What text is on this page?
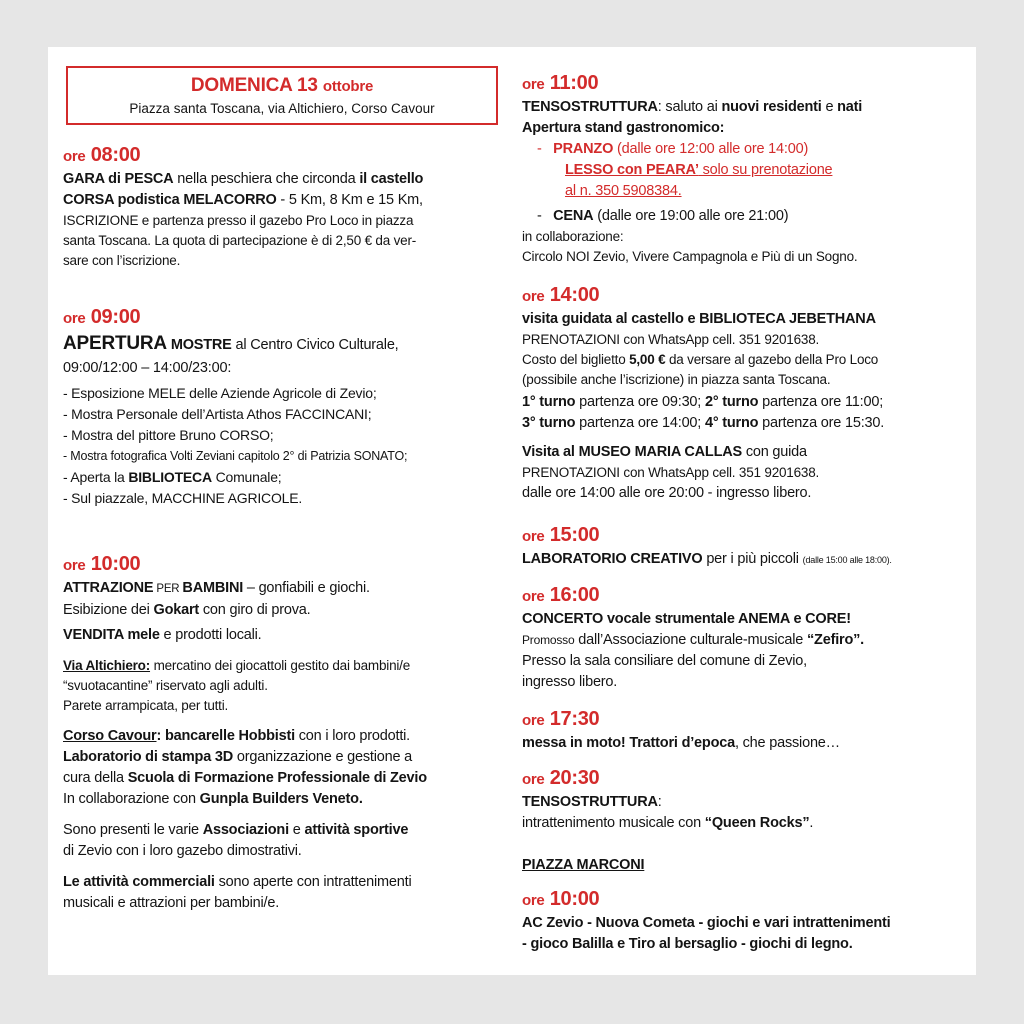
DOMENICA 13 ottobre
Piazza santa Toscana, via Altichiero, Corso Cavour
ore 08:00
GARA di PESCA nella peschiera che circonda il castello
CORSA podistica MELACORRO - 5 Km, 8 Km e 15 Km,
ISCRIZIONE e partenza presso il gazebo Pro Loco in piazza
santa Toscana. La quota di partecipazione è di 2,50 € da ver-
sare con l’iscrizione.
ore 09:00
APERTURA MOSTRE al Centro Civico Culturale,
09:00/12:00 – 14:00/23:00:
- Esposizione MELE delle Aziende Agricole di Zevio;
- Mostra Personale dell’Artista Athos FACCINCANI;
- Mostra del pittore Bruno CORSO;
- Mostra fotografica Volti Zeviani capitolo 2° di Patrizia SONATO;
- Aperta la BIBLIOTECA Comunale;
- Sul piazzale, MACCHINE AGRICOLE.
ore 10:00
ATTRAZIONE PER BAMBINI – gonfiabili e giochi.
Esibizione dei Gokart con giro di prova.
VENDITA mele e prodotti locali.
Via Altichiero: mercatino dei giocattoli gestito dai bambini/e
“svuotacantine” riservato agli adulti.
Parete arrampicata, per tutti.
Corso Cavour: bancarelle Hobbisti con i loro prodotti.
Laboratorio di stampa 3D organizzazione e gestione a
cura della Scuola di Formazione Professionale di Zevio
In collaborazione con Gunpla Builders Veneto.
Sono presenti le varie Associazioni e attività sportive
di Zevio con i loro gazebo dimostrativi.
Le attività commerciali sono aperte con intrattenimenti
musicali e attrazioni per bambini/e.
ore 11:00
TENSOSTRUTTURA: saluto ai nuovi residenti e nati
Apertura stand gastronomico:
-   PRANZO (dalle ore 12:00 alle ore 14:00)
LESSO con PEARA’ solo su prenotazione
al n. 350 5908384.
-   CENA (dalle ore 19:00 alle ore 21:00)
in collaborazione:
Circolo NOI Zevio, Vivere Campagnola e Più di un Sogno.
ore 14:00
visita guidata al castello e BIBLIOTECA JEBETHANA
PRENOTAZIONI con WhatsApp cell. 351 9201638.
Costo del biglietto 5,00 € da versare al gazebo della Pro Loco
(possibile anche l’iscrizione) in piazza santa Toscana.
1° turno partenza ore 09:30; 2° turno partenza ore 11:00;
3° turno partenza ore 14:00; 4° turno partenza ore 15:30.
Visita al MUSEO MARIA CALLAS con guida
PRENOTAZIONI con WhatsApp cell. 351 9201638.
dalle ore 14:00 alle ore 20:00 - ingresso libero.
ore 15:00
LABORATORIO CREATIVO per i più piccoli (dalle 15:00 alle 18:00).
ore 16:00
CONCERTO vocale strumentale ANEMA e CORE!
Promosso dall’Associazione culturale-musicale “Zefiro”.
Presso la sala consiliare del comune di Zevio,
ingresso libero.
ore 17:30
messa in moto! Trattori d’epoca, che passione…
ore 20:30
TENSOSTRUTTURA:
intrattenimento musicale con “Queen Rocks”.
PIAZZA MARCONI
ore 10:00
AC Zevio - Nuova Cometa - giochi e vari intrattenimenti
- gioco Balilla e Tiro al bersaglio - giochi di legno.
